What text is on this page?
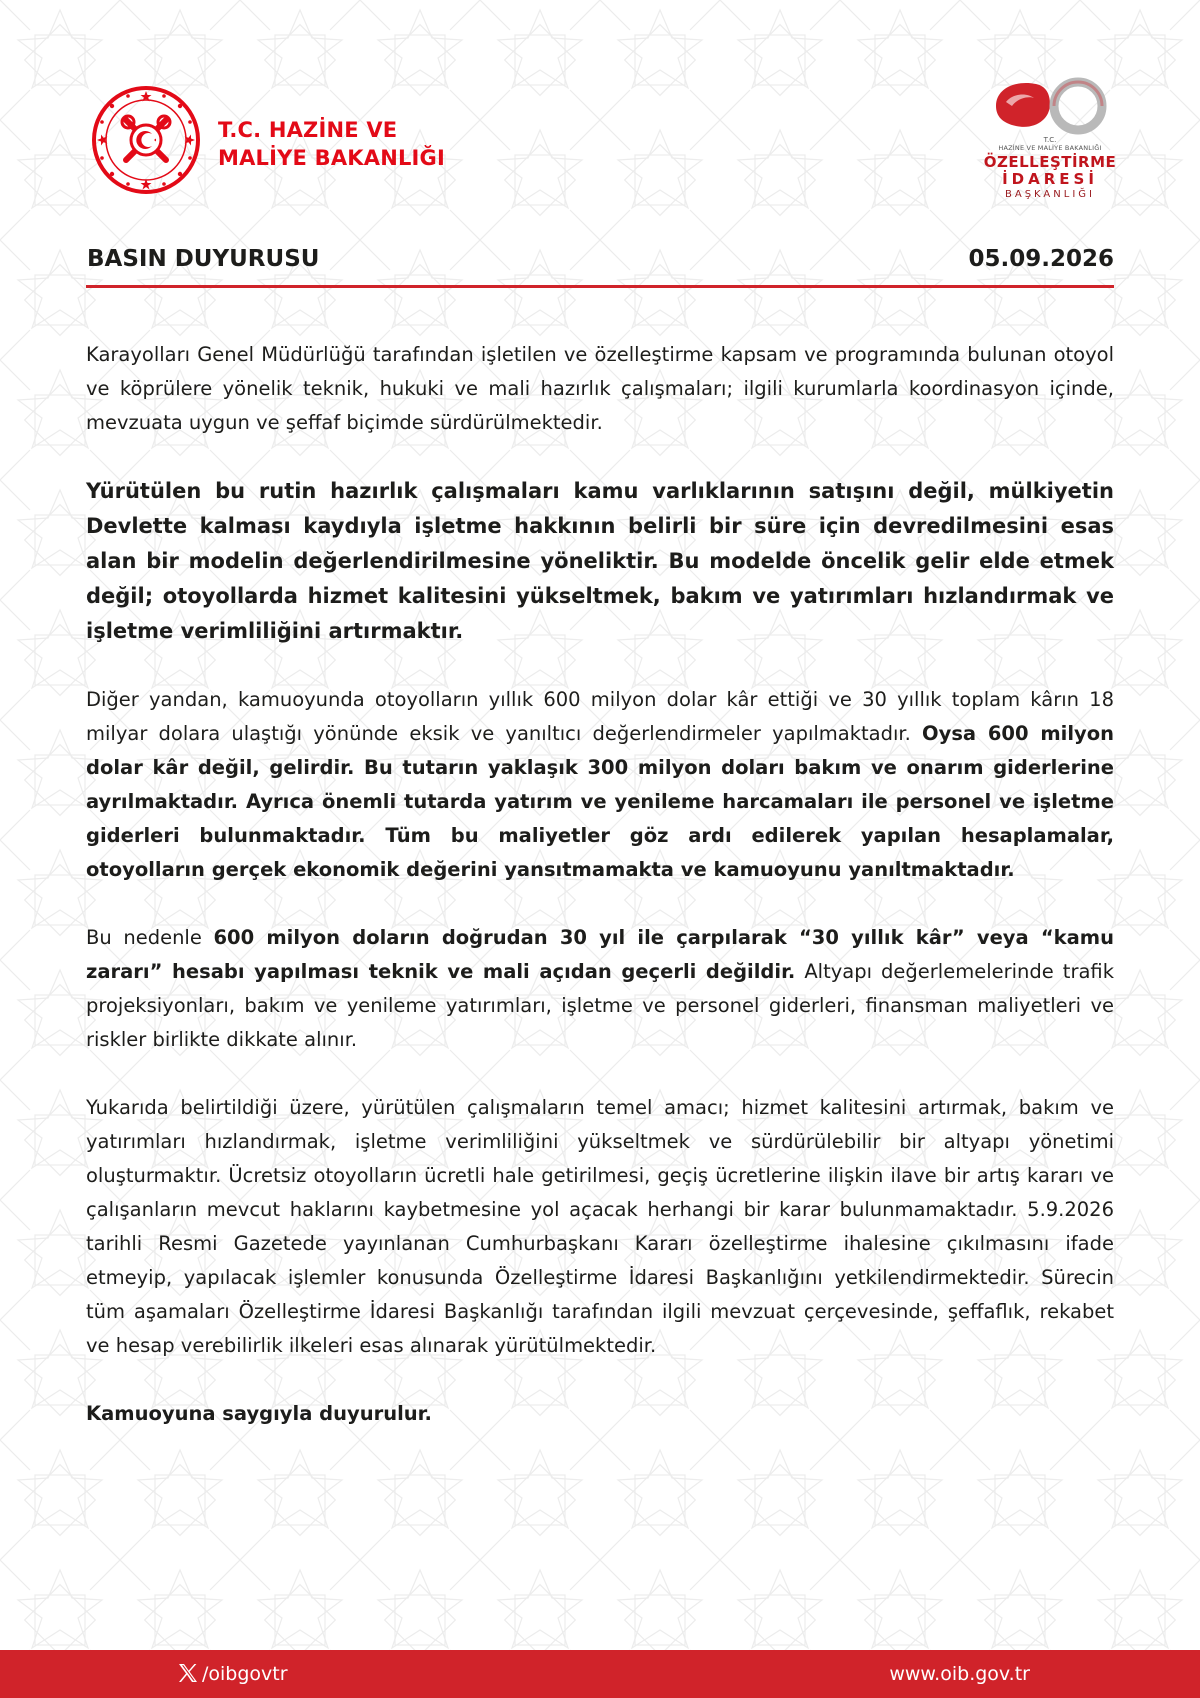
T.C. HAZİNE VE
MALİYE BAKANLIĞI
T.C.
HAZİNE VE MALİYE BAKANLIĞI
ÖZELLEŞTİRME
İDARESİ
BAŞKANLIĞI
BASIN DUYURUSU	05.09.2026

Karayolları Genel Müdürlüğü tarafından işletilen ve özelleştirme kapsam ve programında bulunan otoyol ve köprülere yönelik teknik, hukuki ve mali hazırlık çalışmaları; ilgili kurumlarla koordinasyon içinde, mevzuata uygun ve şeffaf biçimde sürdürülmektedir.

Yürütülen bu rutin hazırlık çalışmaları kamu varlıklarının satışını değil, mülkiyetin Devlette kalması kaydıyla işletme hakkının belirli bir süre için devredilmesini esas alan bir modelin değerlendirilmesine yöneliktir. Bu modelde öncelik gelir elde etmek değil; otoyollarda hizmet kalitesini yükseltmek, bakım ve yatırımları hızlandırmak ve işletme verimliliğini artırmaktır.

Diğer yandan, kamuoyunda otoyolların yıllık 600 milyon dolar kâr ettiği ve 30 yıllık toplam kârın 18 milyar dolara ulaştığı yönünde eksik ve yanıltıcı değerlendirmeler yapılmaktadır. Oysa 600 milyon dolar kâr değil, gelirdir. Bu tutarın yaklaşık 300 milyon doları bakım ve onarım giderlerine ayrılmaktadır. Ayrıca önemli tutarda yatırım ve yenileme harcamaları ile personel ve işletme giderleri bulunmaktadır. Tüm bu maliyetler göz ardı edilerek yapılan hesaplamalar, otoyolların gerçek ekonomik değerini yansıtmamakta ve kamuoyunu yanıltmaktadır.

Bu nedenle 600 milyon doların doğrudan 30 yıl ile çarpılarak “30 yıllık kâr” veya “kamu zararı” hesabı yapılması teknik ve mali açıdan geçerli değildir. Altyapı değerlemelerinde trafik projeksiyonları, bakım ve yenileme yatırımları, işletme ve personel giderleri, finansman maliyetleri ve riskler birlikte dikkate alınır.

Yukarıda belirtildiği üzere, yürütülen çalışmaların temel amacı; hizmet kalitesini artırmak, bakım ve yatırımları hızlandırmak, işletme verimliliğini yükseltmek ve sürdürülebilir bir altyapı yönetimi oluşturmaktır. Ücretsiz otoyolların ücretli hale getirilmesi, geçiş ücretlerine ilişkin ilave bir artış kararı ve çalışanların mevcut haklarını kaybetmesine yol açacak herhangi bir karar bulunmamaktadır. 5.9.2026 tarihli Resmi Gazetede yayınlanan Cumhurbaşkanı Kararı özelleştirme ihalesine çıkılmasını ifade etmeyip, yapılacak işlemler konusunda Özelleştirme İdaresi Başkanlığını yetkilendirmektedir. Sürecin tüm aşamaları Özelleştirme İdaresi Başkanlığı tarafından ilgili mevzuat çerçevesinde, şeffaflık, rekabet ve hesap verebilirlik ilkeleri esas alınarak yürütülmektedir.

Kamuoyuna saygıyla duyurulur.

/oibgovtr	www.oib.gov.tr
